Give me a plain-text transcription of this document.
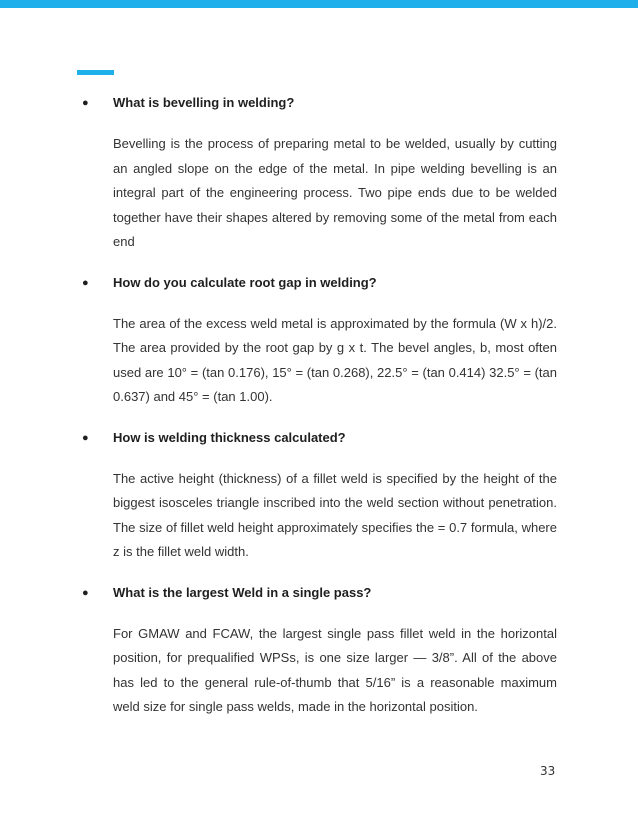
●	What is bevelling in welding?

Bevelling is the process of preparing metal to be welded, usually by cutting an angled slope on the edge of the metal. In pipe welding bevelling is an integral part of the engineering process. Two pipe ends due to be welded together have their shapes altered by removing some of the metal from each end

●	How do you calculate root gap in welding?

The area of the excess weld metal is approximated by the formula (W x h)/2. The area provided by the root gap by g x t. The bevel angles, b, most often used are 10° = (tan 0.176), 15° = (tan 0.268), 22.5° = (tan 0.414) 32.5° = (tan 0.637) and 45° = (tan 1.00).

●	How is welding thickness calculated?

The active height (thickness) of a fillet weld is specified by the height of the biggest isosceles triangle inscribed into the weld section without penetration. The size of fillet weld height approximately specifies the = 0.7 formula, where z is the fillet weld width.

●	What is the largest Weld in a single pass?

For GMAW and FCAW, the largest single pass fillet weld in the horizontal position, for prequalified WPSs, is one size larger — 3/8”. All of the above has led to the general rule-of-thumb that 5/16” is a reasonable maximum weld size for single pass welds, made in the horizontal position.

33
